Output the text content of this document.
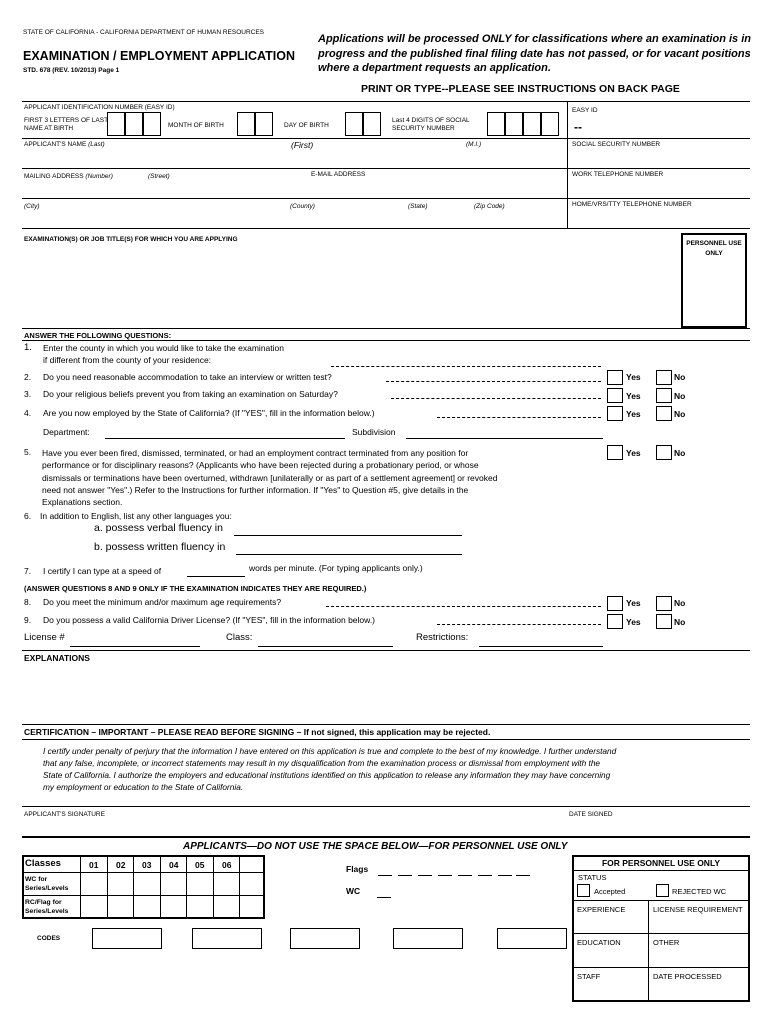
STATE OF CALIFORNIA - CALIFORNIA DEPARTMENT OF HUMAN RESOURCES
EXAMINATION / EMPLOYMENT APPLICATION
STD. 678 (REV. 10/2013) Page 1
Applications will be processed ONLY for classifications where an examination is in progress and the published final filing date has not passed, or for vacant positions where a department requests an application.
PRINT OR TYPE--PLEASE SEE INSTRUCTIONS ON BACK PAGE
APPLICANT IDENTIFICATION NUMBER (EASY ID)
FIRST 3 LETTERS OF LAST NAME AT BIRTH	MONTH OF BIRTH	DAY OF BIRTH
Last 4 DIGITS OF SOCIAL SECURITY NUMBER
EASY ID
--
APPLICANT'S NAME (Last)	(First)	(M.I.)	SOCIAL SECURITY NUMBER
MAILING ADDRESS (Number)	(Street)	E-MAIL ADDRESS	WORK TELEPHONE NUMBER
(City)	(County)	(State)	(Zip Code)	HOME/VRS/TTY TELEPHONE NUMBER
EXAMINATION(S) OR JOB TITLE(S) FOR WHICH YOU ARE APPLYING
PERSONNEL USE ONLY
ANSWER THE FOLLOWING QUESTIONS:
1. Enter the county in which you would like to take the examination
if different from the county of your residence:
2. Do you need reasonable accommodation to take an interview or written test?	Yes	No
3. Do your religious beliefs prevent you from taking an examination on Saturday?	Yes	No
4. Are you now employed by the State of California? (If "YES", fill in the information below.)	Yes	No
Department:	Subdivision
5. Have you ever been fired, dismissed, terminated, or had an employment contract terminated from any position for
performance or for disciplinary reasons? (Applicants who have been rejected during a probationary period, or whose
dismissals or terminations have been overturned, withdrawn [unilaterally or as part of a settlement agreement] or revoked
need not answer "Yes".) Refer to the Instructions for further information. If "Yes" to Question #5, give details in the
Explanations section.
Yes	No
6. In addition to English, list any other languages you:
a. possess verbal fluency in
b. possess written fluency in
7. I certify I can type at a speed of	words per minute. (For typing applicants only.)
(ANSWER QUESTIONS 8 AND 9 ONLY IF THE EXAMINATION INDICATES THEY ARE REQUIRED.)
8. Do you meet the minimum and/or maximum age requirements?	Yes	No
9. Do you possess a valid California Driver License? (If "YES", fill in the information below.)	Yes	No
License #	Class:	Restrictions:
EXPLANATIONS
CERTIFICATION – IMPORTANT – PLEASE READ BEFORE SIGNING – If not signed, this application may be rejected.
I certify under penalty of perjury that the information I have entered on this application is true and complete to the best of my knowledge. I further understand
that any false, incomplete, or incorrect statements may result in my disqualification from the examination process or dismissal from employment with the
State of California. I authorize the employers and educational institutions identified on this application to release any information they may have concerning
my employment or education to the State of California.
APPLICANT'S SIGNATURE	DATE SIGNED
APPLICANTS—DO NOT USE THE SPACE BELOW—FOR PERSONNEL USE ONLY
Classes	01 02 03 04 05 06
WC for Series/Levels
RC/Flag for Series/Levels
Flags
WC
CODES
FOR PERSONNEL USE ONLY
STATUS
Accepted	REJECTED WC
EXPERIENCE	LICENSE REQUIREMENT
EDUCATION	OTHER
STAFF	DATE PROCESSED
